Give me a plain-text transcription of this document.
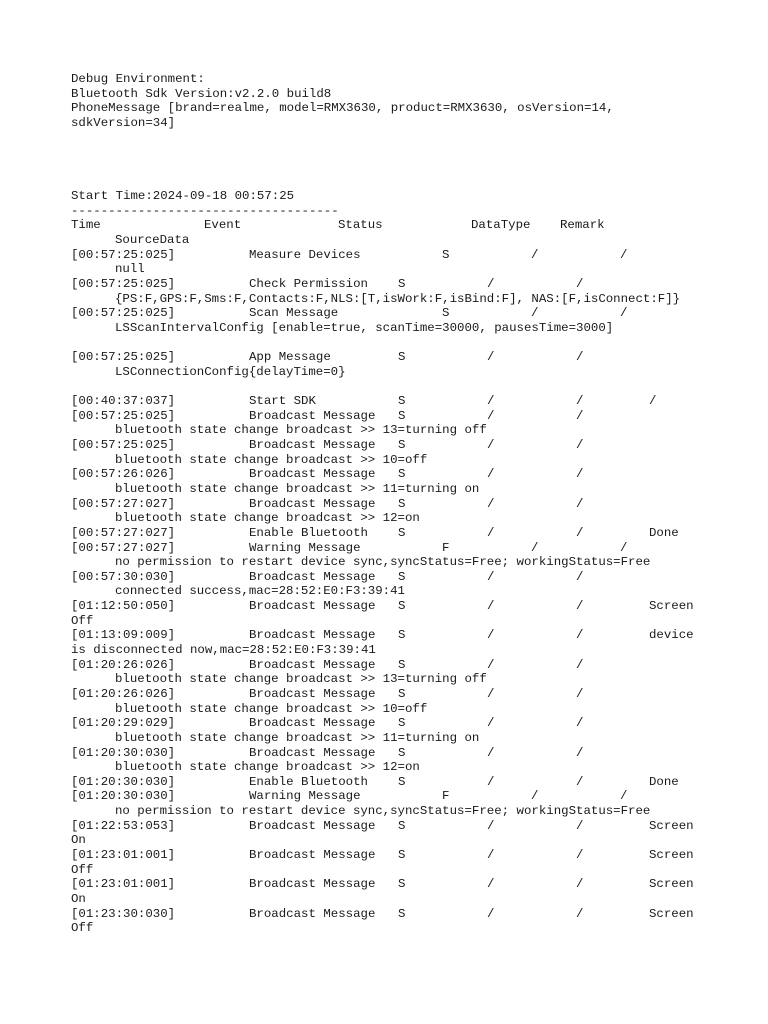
Debug Environment:
Bluetooth Sdk Version:v2.2.0 build8
PhoneMessage [brand=realme, model=RMX3630, product=RMX3630, osVersion=14,
sdkVersion=34]
Start Time:2024-09-18 00:57:25
------------------------------------
Time	Event	Status	DataType Remark
SourceData
[00:57:25:025]	Measure Devices	S	/	/
null
[00:57:25:025]	Check Permission S	/	/
{PS:F,GPS:F,Sms:F,Contacts:F,NLS:[T,isWork:F,isBind:F], NAS:[F,isConnect:F]}
[00:57:25:025]	Scan Message	S	/	/
LSScanIntervalConfig [enable=true, scanTime=30000, pausesTime=3000]
[00:57:25:025]	App Message	S	/	/
LSConnectionConfig{delayTime=0}
[00:40:37:037]	Start SDK	S	/	/	/
[00:57:25:025]	Broadcast Message S	/	/
bluetooth state change broadcast >> 13=turning off
[00:57:25:025]	Broadcast Message S	/	/
bluetooth state change broadcast >> 10=off
[00:57:26:026]	Broadcast Message S	/	/
bluetooth state change broadcast >> 11=turning on
[00:57:27:027]	Broadcast Message S	/	/
bluetooth state change broadcast >> 12=on
[00:57:27:027]	Enable Bluetooth S	/	/	Done
[00:57:27:027]	Warning Message	F	/	/
no permission to restart device sync,syncStatus=Free; workingStatus=Free
[00:57:30:030]	Broadcast Message S	/	/
connected success,mac=28:52:E0:F3:39:41
[01:12:50:050]	Broadcast Message S	/	/	Screen
Off
[01:13:09:009]	Broadcast Message S	/	/	device
is disconnected now,mac=28:52:E0:F3:39:41
[01:20:26:026]	Broadcast Message S	/	/
bluetooth state change broadcast >> 13=turning off
[01:20:26:026]	Broadcast Message S	/	/
bluetooth state change broadcast >> 10=off
[01:20:29:029]	Broadcast Message S	/	/
bluetooth state change broadcast >> 11=turning on
[01:20:30:030]	Broadcast Message S	/	/
bluetooth state change broadcast >> 12=on
[01:20:30:030]	Enable Bluetooth S	/	/	Done
[01:20:30:030]	Warning Message	F	/	/
no permission to restart device sync,syncStatus=Free; workingStatus=Free
[01:22:53:053]	Broadcast Message S	/	/	Screen
On
[01:23:01:001]	Broadcast Message S	/	/	Screen
Off
[01:23:01:001]	Broadcast Message S	/	/	Screen
On
[01:23:30:030]	Broadcast Message S	/	/	Screen
Off
